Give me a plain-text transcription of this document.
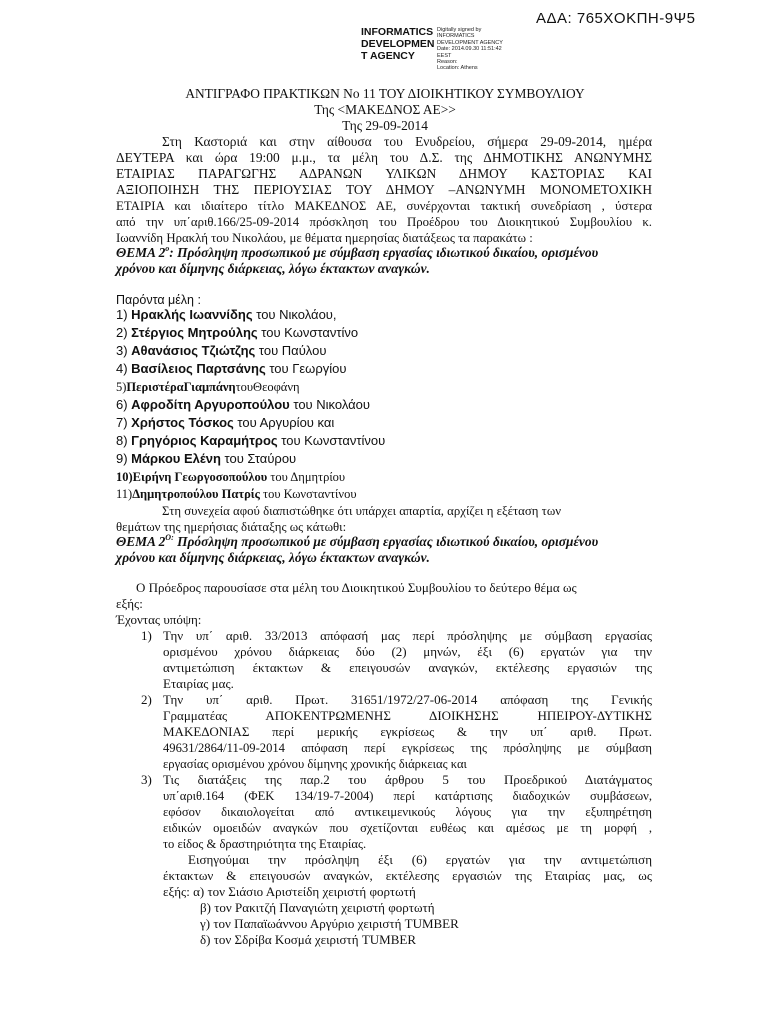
ΑΔΑ: 765ΧΟΚΠΗ-9Ψ5
INFORMATICS
DEVELOPMEN
T AGENCY
Digitally signed by
INFORMATICS
DEVELOPMENT AGENCY
Date: 2014.09.30 11:51:42
EEST
Reason:
Location: Athens
ΑΝΤΙΓΡΑΦΟ ΠΡΑΚΤΙΚΩΝ Νο 11 ΤΟΥ ΔΙΟΙΚΗΤΙΚΟΥ ΣΥΜΒΟΥΛΙΟΥ
Της <ΜΑΚΕΔΝΟΣ ΑΕ>>
Της 29-09-2014
Στη Καστοριά και στην αίθουσα του Ενυδρείου, σήμερα 29-09-2014, ημέρα
ΔΕΥΤΕΡΑ και ώρα 19:00 μ.μ., τα μέλη του Δ.Σ. της ΔΗΜΟΤΙΚΗΣ ΑΝΩΝΥΜΗΣ
ΕΤΑΙΡΙΑΣ ΠΑΡΑΓΩΓΗΣ ΑΔΡΑΝΩΝ ΥΛΙΚΩΝ ΔΗΜΟΥ ΚΑΣΤΟΡΙΑΣ ΚΑΙ
ΑΞΙΟΠΟΙΗΣΗ ΤΗΣ ΠΕΡΙΟΥΣΙΑΣ ΤΟΥ ΔΗΜΟΥ –ΑΝΩΝΥΜΗ ΜΟΝΟΜΕΤΟΧΙΚΗ
ΕΤΑΙΡΙΑ και ιδιαίτερο τίτλο ΜΑΚΕΔΝΟΣ ΑΕ, συνέρχονται τακτική συνεδρίαση , ύστερα
από την υπ΄αριθ.166/25-09-2014 πρόσκληση του Προέδρου του Διοικητικού Συμβουλίου κ.
Ιωαννίδη Ηρακλή του Νικολάου, με θέματα ημερησίας διατάξεως τα παρακάτω :
ΘΕΜΑ $2^o$: Πρόσληψη προσωπικού με σύμβαση εργασίας ιδιωτικού δικαίου, ορισμένου
χρόνου και δίμηνης διάρκειας, λόγω έκτακτων αναγκών.
Παρόντα μέλη :
1) Ηρακλής Ιωαννίδης του Νικολάου,
2) Στέργιος Μητρούλης του Κωνσταντίνο
3) Αθανάσιος Τζιώτζης του Παύλου
4) Βασίλειος Παρτσάνης του Γεωργίου
5)ΠεριστέραΓιαμπάνητουΘεοφάνη
6) Αφροδίτη Αργυροπούλου του Νικολάου
7) Χρήστος Τόσκος του Αργυρίου και
8) Γρηγόριος Καραμήτρος του Κωνσταντίνου
9) Μάρκου Ελένη του Σταύρου
10)Ειρήνη Γεωργοσοπούλου του Δημητρίου
11)Δημητροπούλου Πατρίς του Κωνσταντίνου
Στη συνεχεία αφού διαπιστώθηκε ότι υπάρχει απαρτία, αρχίζει η εξέταση των
θεμάτων της ημερήσιας διάταξης ως κάτωθι:
ΘΕΜΑ $2^{O:}$ Πρόσληψη προσωπικού με σύμβαση εργασίας ιδιωτικού δικαίου, ορισμένου
χρόνου και δίμηνης διάρκειας, λόγω έκτακτων αναγκών.
Ο Πρόεδρος παρουσίασε στα μέλη του Διοικητικού Συμβουλίου το δεύτερο θέμα ως
εξής:
Έχοντας υπόψη:
1) Την υπ΄ αριθ. 33/2013 απόφασή μας περί πρόσληψης με σύμβαση εργασίας
ορισμένου χρόνου διάρκειας δύο (2) μηνών, έξι (6) εργατών για την
αντιμετώπιση έκτακτων & επειγουσών αναγκών, εκτέλεσης εργασιών της
Εταιρίας μας.
2) Την υπ΄ αριθ. Πρωτ. 31651/1972/27-06-2014 απόφαση της Γενικής
Γραμματέας ΑΠΟΚΕΝΤΡΩΜΕΝΗΣ ΔΙΟΙΚΗΣΗΣ ΗΠΕΙΡΟΥ-ΔΥΤΙΚΗΣ
ΜΑΚΕΔΟΝΙΑΣ περί μερικής εγκρίσεως & την υπ΄ αριθ. Πρωτ.
49631/2864/11-09-2014 απόφαση περί εγκρίσεως της πρόσληψης με σύμβαση
εργασίας ορισμένου χρόνου δίμηνης χρονικής διάρκειας και
3) Τις διατάξεις της παρ.2 του άρθρου 5 του Προεδρικού Διατάγματος
υπ΄αριθ.164 (ΦΕΚ 134/19-7-2004) περί κατάρτισης διαδοχικών συμβάσεων,
εφόσον δικαιολογείται από αντικειμενικούς λόγους για την εξυπηρέτηση
ειδικών ομοειδών αναγκών που σχετίζονται ευθέως και αμέσως με τη μορφή ,
το είδος & δραστηριότητα της Εταιρίας.
Εισηγούμαι την πρόσληψη έξι (6) εργατών για την αντιμετώπιση
έκτακτων & επειγουσών αναγκών, εκτέλεσης εργασιών της Εταιρίας μας, ως
εξής: α) τον Σιάσιο Αριστείδη χειριστή φορτωτή
β) τον Ρακιτζή Παναγιώτη χειριστή φορτωτή
γ) τον Παπαϊωάννου Αργύριο χειριστή TUMBER
δ) τον Σδρίβα Κοσμά χειριστή TUMBER
